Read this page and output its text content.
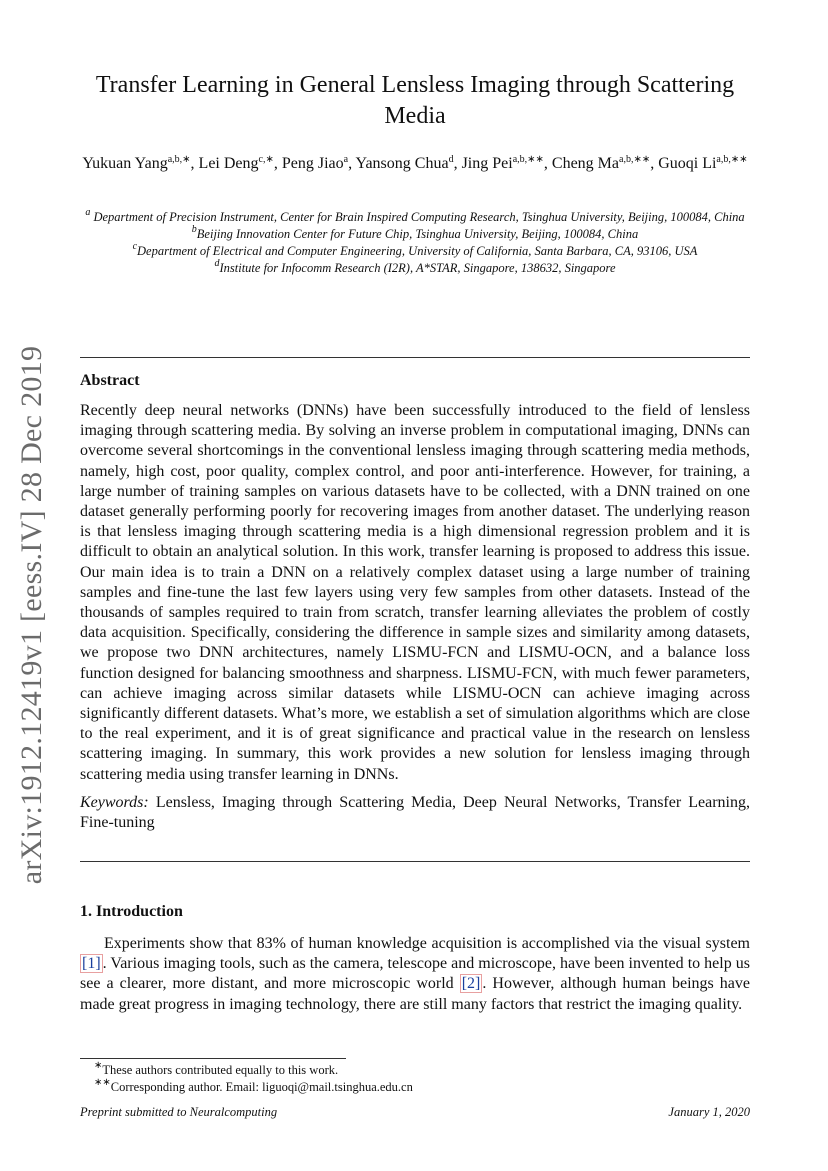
arXiv:1912.12419v1 [eess.IV] 28 Dec 2019
Transfer Learning in General Lensless Imaging through Scattering Media
Yukuan Yang$^{a,b,∗}$, Lei Deng$^{c,∗}$, Peng Jiao$^a$, Yansong Chua$^d$, Jing Pei$^{a,b,∗∗}$, Cheng $Ma^{a,b,∗∗}$, Guoqi $Li^{a,b,∗∗}$

$^a$ Department of Precision Instrument, Center for Brain Inspired Computing Research, Tsinghua University, Beijing, 100084, China

$^b$Beijing Innovation Center for Future Chip, Tsinghua University, Beijing, 100084, China

$^c$Department of Electrical and Computer Engineering, University of California, Santa Barbara, CA, 93106, USA

$^d$Institute for Infocomm Research (I2R), A*STAR, Singapore, 138632, Singapore

Abstract

Recently deep neural networks (DNNs) have been successfully introduced to the field of lensless imaging through scattering media. By solving an inverse problem in computational imaging, DNNs can overcome several shortcomings in the conventional lensless imaging through scattering media methods, namely, high cost, poor quality, complex control, and poor anti-interference. However, for training, a large number of training samples on various datasets have to be collected, with a DNN trained on one dataset generally performing poorly for recovering images from another dataset. The underlying reason is that lensless imaging through scattering media is a high dimensional regression problem and it is difficult to obtain an analytical solution. In this work, transfer learning is proposed to address this issue. Our main idea is to train a DNN on a relatively complex dataset using a large number of training samples and fine-tune the last few layers using very few samples from other datasets. Instead of the thousands of samples required to train from scratch, transfer learning alleviates the problem of costly data acquisition. Specifically, considering the difference in sample sizes and similarity among datasets, we propose two DNN architectures, namely LISMU-FCN and LISMU-OCN, and a balance loss function designed for balancing smoothness and sharpness. LISMU-FCN, with much fewer parameters, can achieve imaging across similar datasets while LISMU-OCN can achieve imaging across significantly different datasets. What’s more, we establish a set of simulation algorithms which are close to the real experiment, and it is of great significance and practical value in the research on lensless scattering imaging. In summary, this work provides a new solution for lensless imaging through scattering media using transfer learning in DNNs.

Keywords: Lensless, Imaging through Scattering Media, Deep Neural Networks, Transfer Learning, Fine-tuning

1. Introduction
Experiments show that 83% of human knowledge acquisition is accomplished via the visual system [1] . Various imaging tools, such as the camera, telescope and microscope, have been invented to help us see a clearer, more distant, and more microscopic world [2] . However, although human beings have made great progress in imaging technology, there are still many factors that restrict the imaging quality.

∗These authors contributed equally to this work.

∗∗Corresponding author. Email: liguoqi@mail.tsinghua.edu.cn

Preprint submitted to Neuralcomputing	January 1, 2020
